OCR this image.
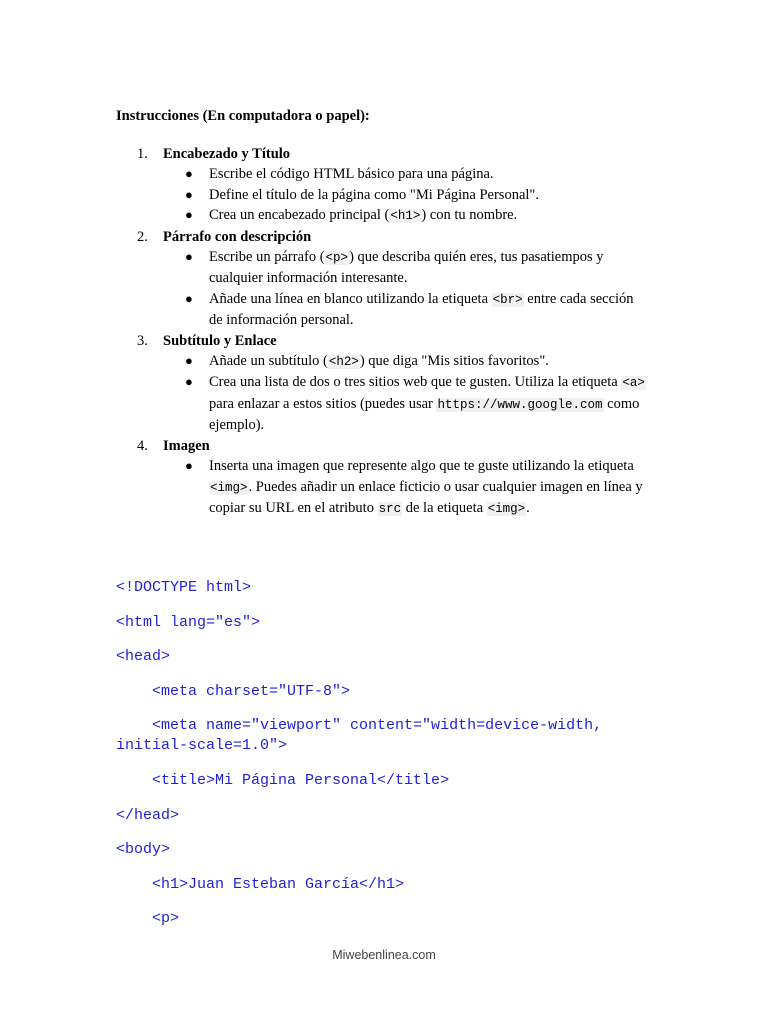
Instrucciones (En computadora o papel):
1. Encabezado y Título
● Escribe el código HTML básico para una página.
● Define el título de la página como "Mi Página Personal".
● Crea un encabezado principal (<h1>) con tu nombre.
2. Párrafo con descripción
● Escribe un párrafo (<p>) que describa quién eres, tus pasatiempos y cualquier información interesante.
● Añade una línea en blanco utilizando la etiqueta <br> entre cada sección de información personal.
3. Subtítulo y Enlace
● Añade un subtítulo (<h2>) que diga "Mis sitios favoritos".
● Crea una lista de dos o tres sitios web que te gusten. Utiliza la etiqueta <a> para enlazar a estos sitios (puedes usar https://www.google.com como ejemplo).
4. Imagen
● Inserta una imagen que represente algo que te guste utilizando la etiqueta <img>. Puedes añadir un enlace ficticio o usar cualquier imagen en línea y copiar su URL en el atributo src de la etiqueta <img>.
<!DOCTYPE html>
<html lang="es">
<head>
<meta charset="UTF-8">
<meta name="viewport" content="width=device-width, initial-scale=1.0">
<title>Mi Página Personal</title>
</head>
<body>
<h1>Juan Esteban García</h1>
<p>
Miwebenlinea.com
